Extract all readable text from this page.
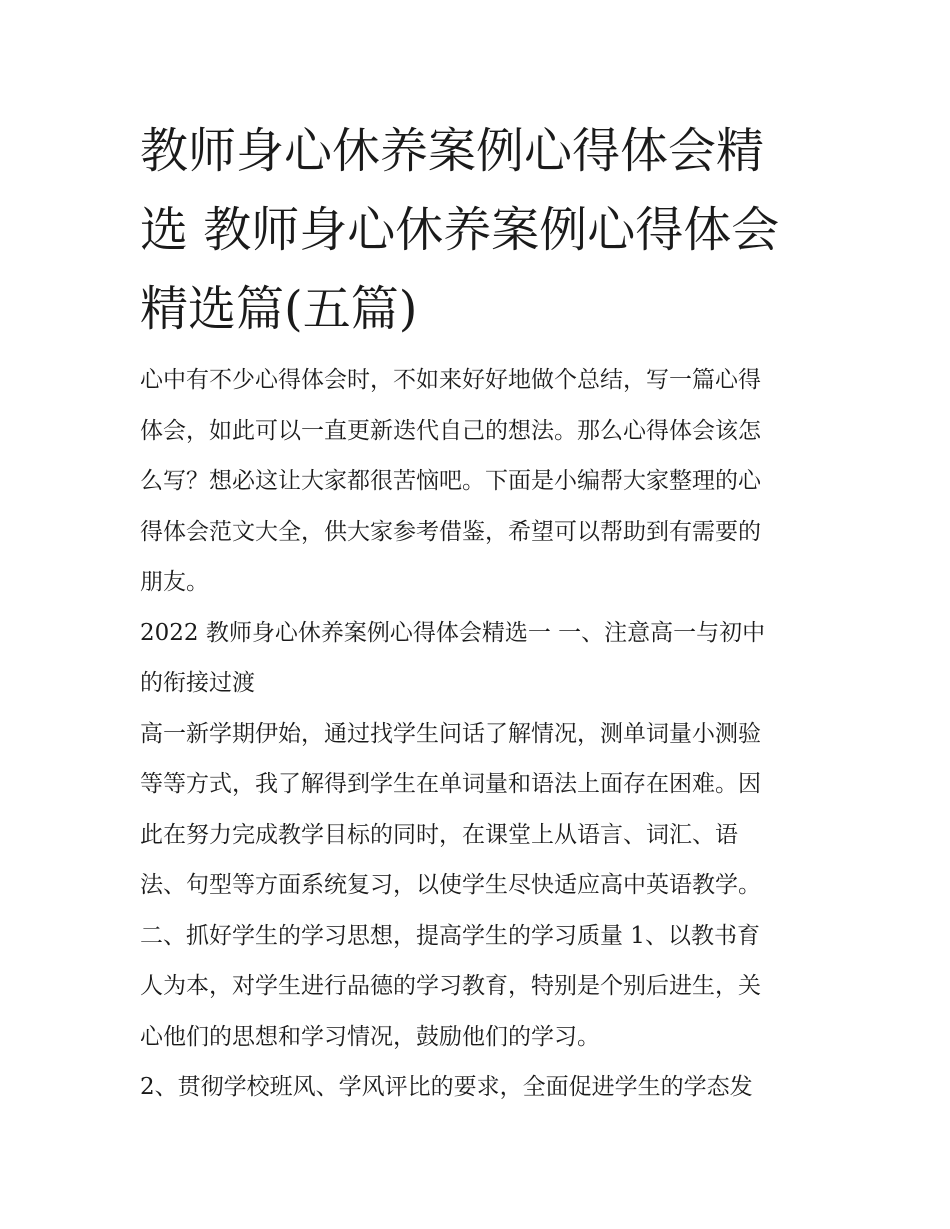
教师身心休养案例心得体会精
选 教师身心休养案例心得体会
精选篇(五篇)
心中有不少心得体会时，不如来好好地做个总结，写一篇心得
体会，如此可以一直更新迭代自己的想法。那么心得体会该怎
么写？想必这让大家都很苦恼吧。下面是小编帮大家整理的心
得体会范文大全，供大家参考借鉴，希望可以帮助到有需要的
朋友。
2022 教师身心休养案例心得体会精选一 一、注意高一与初中
的衔接过渡
高一新学期伊始，通过找学生问话了解情况，测单词量小测验
等等方式，我了解得到学生在单词量和语法上面存在困难。因
此在努力完成教学目标的同时，在课堂上从语言、词汇、语
法、句型等方面系统复习，以使学生尽快适应高中英语教学。
二、抓好学生的学习思想，提高学生的学习质量 1、以教书育
人为本，对学生进行品德的学习教育，特别是个别后进生，关
心他们的思想和学习情况，鼓励他们的学习。
2、贯彻学校班风、学风评比的要求，全面促进学生的学态发
